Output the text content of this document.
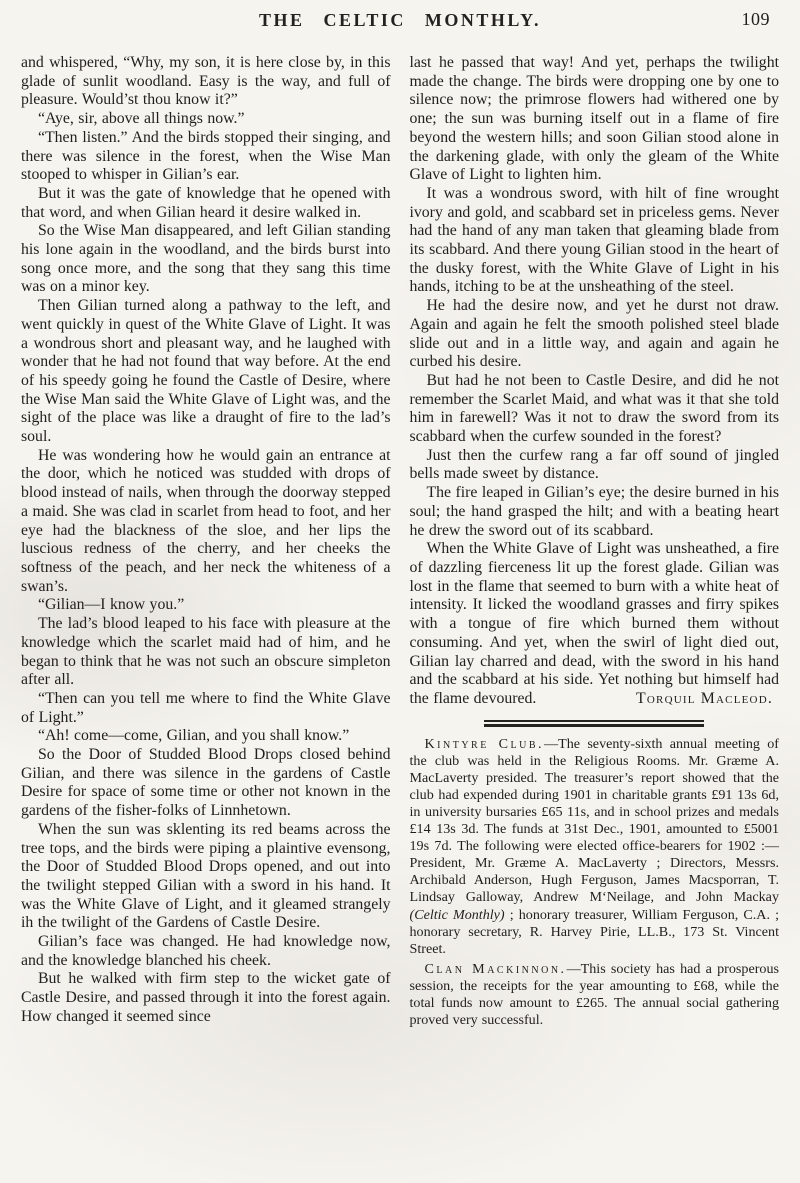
THE CELTIC MONTHLY.	109

and whispered, “Why, my son, it is here close by, in this glade of sunlit woodland. Easy is the way, and full of pleasure. Would’st thou know it?”

“Aye, sir, above all things now.”

“Then listen.” And the birds stopped their singing, and there was silence in the forest, when the Wise Man stooped to whisper in Gilian’s ear.

But it was the gate of knowledge that he opened with that word, and when Gilian heard it desire walked in.

So the Wise Man disappeared, and left Gilian standing his lone again in the woodland, and the birds burst into song once more, and the song that they sang this time was on a minor key.

Then Gilian turned along a pathway to the left, and went quickly in quest of the White Glave of Light. It was a wondrous short and pleasant way, and he laughed with wonder that he had not found that way before. At the end of his speedy going he found the Castle of Desire, where the Wise Man said the White Glave of Light was, and the sight of the place was like a draught of fire to the lad’s soul.

He was wondering how he would gain an entrance at the door, which he noticed was studded with drops of blood instead of nails, when through the doorway stepped a maid. She was clad in scarlet from head to foot, and her eye had the blackness of the sloe, and her lips the luscious redness of the cherry, and her cheeks the softness of the peach, and her neck the whiteness of a swan’s.

“Gilian—I know you.”

The lad’s blood leaped to his face with pleasure at the knowledge which the scarlet maid had of him, and he began to think that he was not such an obscure simpleton after all.

“Then can you tell me where to find the White Glave of Light.”

“Ah! come—come, Gilian, and you shall know.”

So the Door of Studded Blood Drops closed behind Gilian, and there was silence in the gardens of Castle Desire for space of some time or other not known in the gardens of the fisher-folks of Linnhetown.

When the sun was sklenting its red beams across the tree tops, and the birds were piping a plaintive evensong, the Door of Studded Blood Drops opened, and out into the twilight stepped Gilian with a sword in his hand. It was the White Glave of Light, and it gleamed strangely ih the twilight of the Gardens of Castle Desire.

Gilian’s face was changed. He had knowledge now, and the knowledge blanched his cheek.

But he walked with firm step to the wicket gate of Castle Desire, and passed through it into the forest again. How changed it seemed since

last he passed that way! And yet, perhaps the twilight made the change. The birds were dropping one by one to silence now; the primrose flowers had withered one by one; the sun was burning itself out in a flame of fire beyond the western hills; and soon Gilian stood alone in the darkening glade, with only the gleam of the White Glave of Light to lighten him.

It was a wondrous sword, with hilt of fine wrought ivory and gold, and scabbard set in priceless gems. Never had the hand of any man taken that gleaming blade from its scabbard. And there young Gilian stood in the heart of the dusky forest, with the White Glave of Light in his hands, itching to be at the unsheathing of the steel.

He had the desire now, and yet he durst not draw. Again and again he felt the smooth polished steel blade slide out and in a little way, and again and again he curbed his desire.

But had he not been to Castle Desire, and did he not remember the Scarlet Maid, and what was it that she told him in farewell? Was it not to draw the sword from its scabbard when the curfew sounded in the forest?

Just then the curfew rang a far off sound of jingled bells made sweet by distance.

The fire leaped in Gilian’s eye; the desire burned in his soul; the hand grasped the hilt; and with a beating heart he drew the sword out of its scabbard.

When the White Glave of Light was unsheathed, a fire of dazzling fierceness lit up the forest glade. Gilian was lost in the flame that seemed to burn with a white heat of intensity. It licked the woodland grasses and firry spikes with a tongue of fire which burned them without consuming. And yet, when the swirl of light died out, Gilian lay charred and dead, with the sword in his hand and the scabbard at his side. Yet nothing but himself had the flame devoured.	Torquil Macleod.

Kintyre Club.—The seventy-sixth annual meeting of the club was held in the Religious Rooms. Mr. Græme A. MacLaverty presided. The treasurer’s report showed that the club had expended during 1901 in charitable grants £91 13s 6d, in university bursaries £65 11s, and in school prizes and medals £14 13s 3d. The funds at 31st Dec., 1901, amounted to £5001 19s 7d. The following were elected office-bearers for 1902 :—President, Mr. Græme A. MacLaverty ; Directors, Messrs. Archibald Anderson, Hugh Ferguson, James Macsporran, T. Lindsay Galloway, Andrew M‘Neilage, and John Mackay (Celtic Monthly) ; honorary treasurer, William Ferguson, C.A. ; honorary secretary, R. Harvey Pirie, LL.B., 173 St. Vincent Street.

Clan Mackinnon.—This society has had a prosperous session, the receipts for the year amounting to £68, while the total funds now amount to £265. The annual social gathering proved very successful.
